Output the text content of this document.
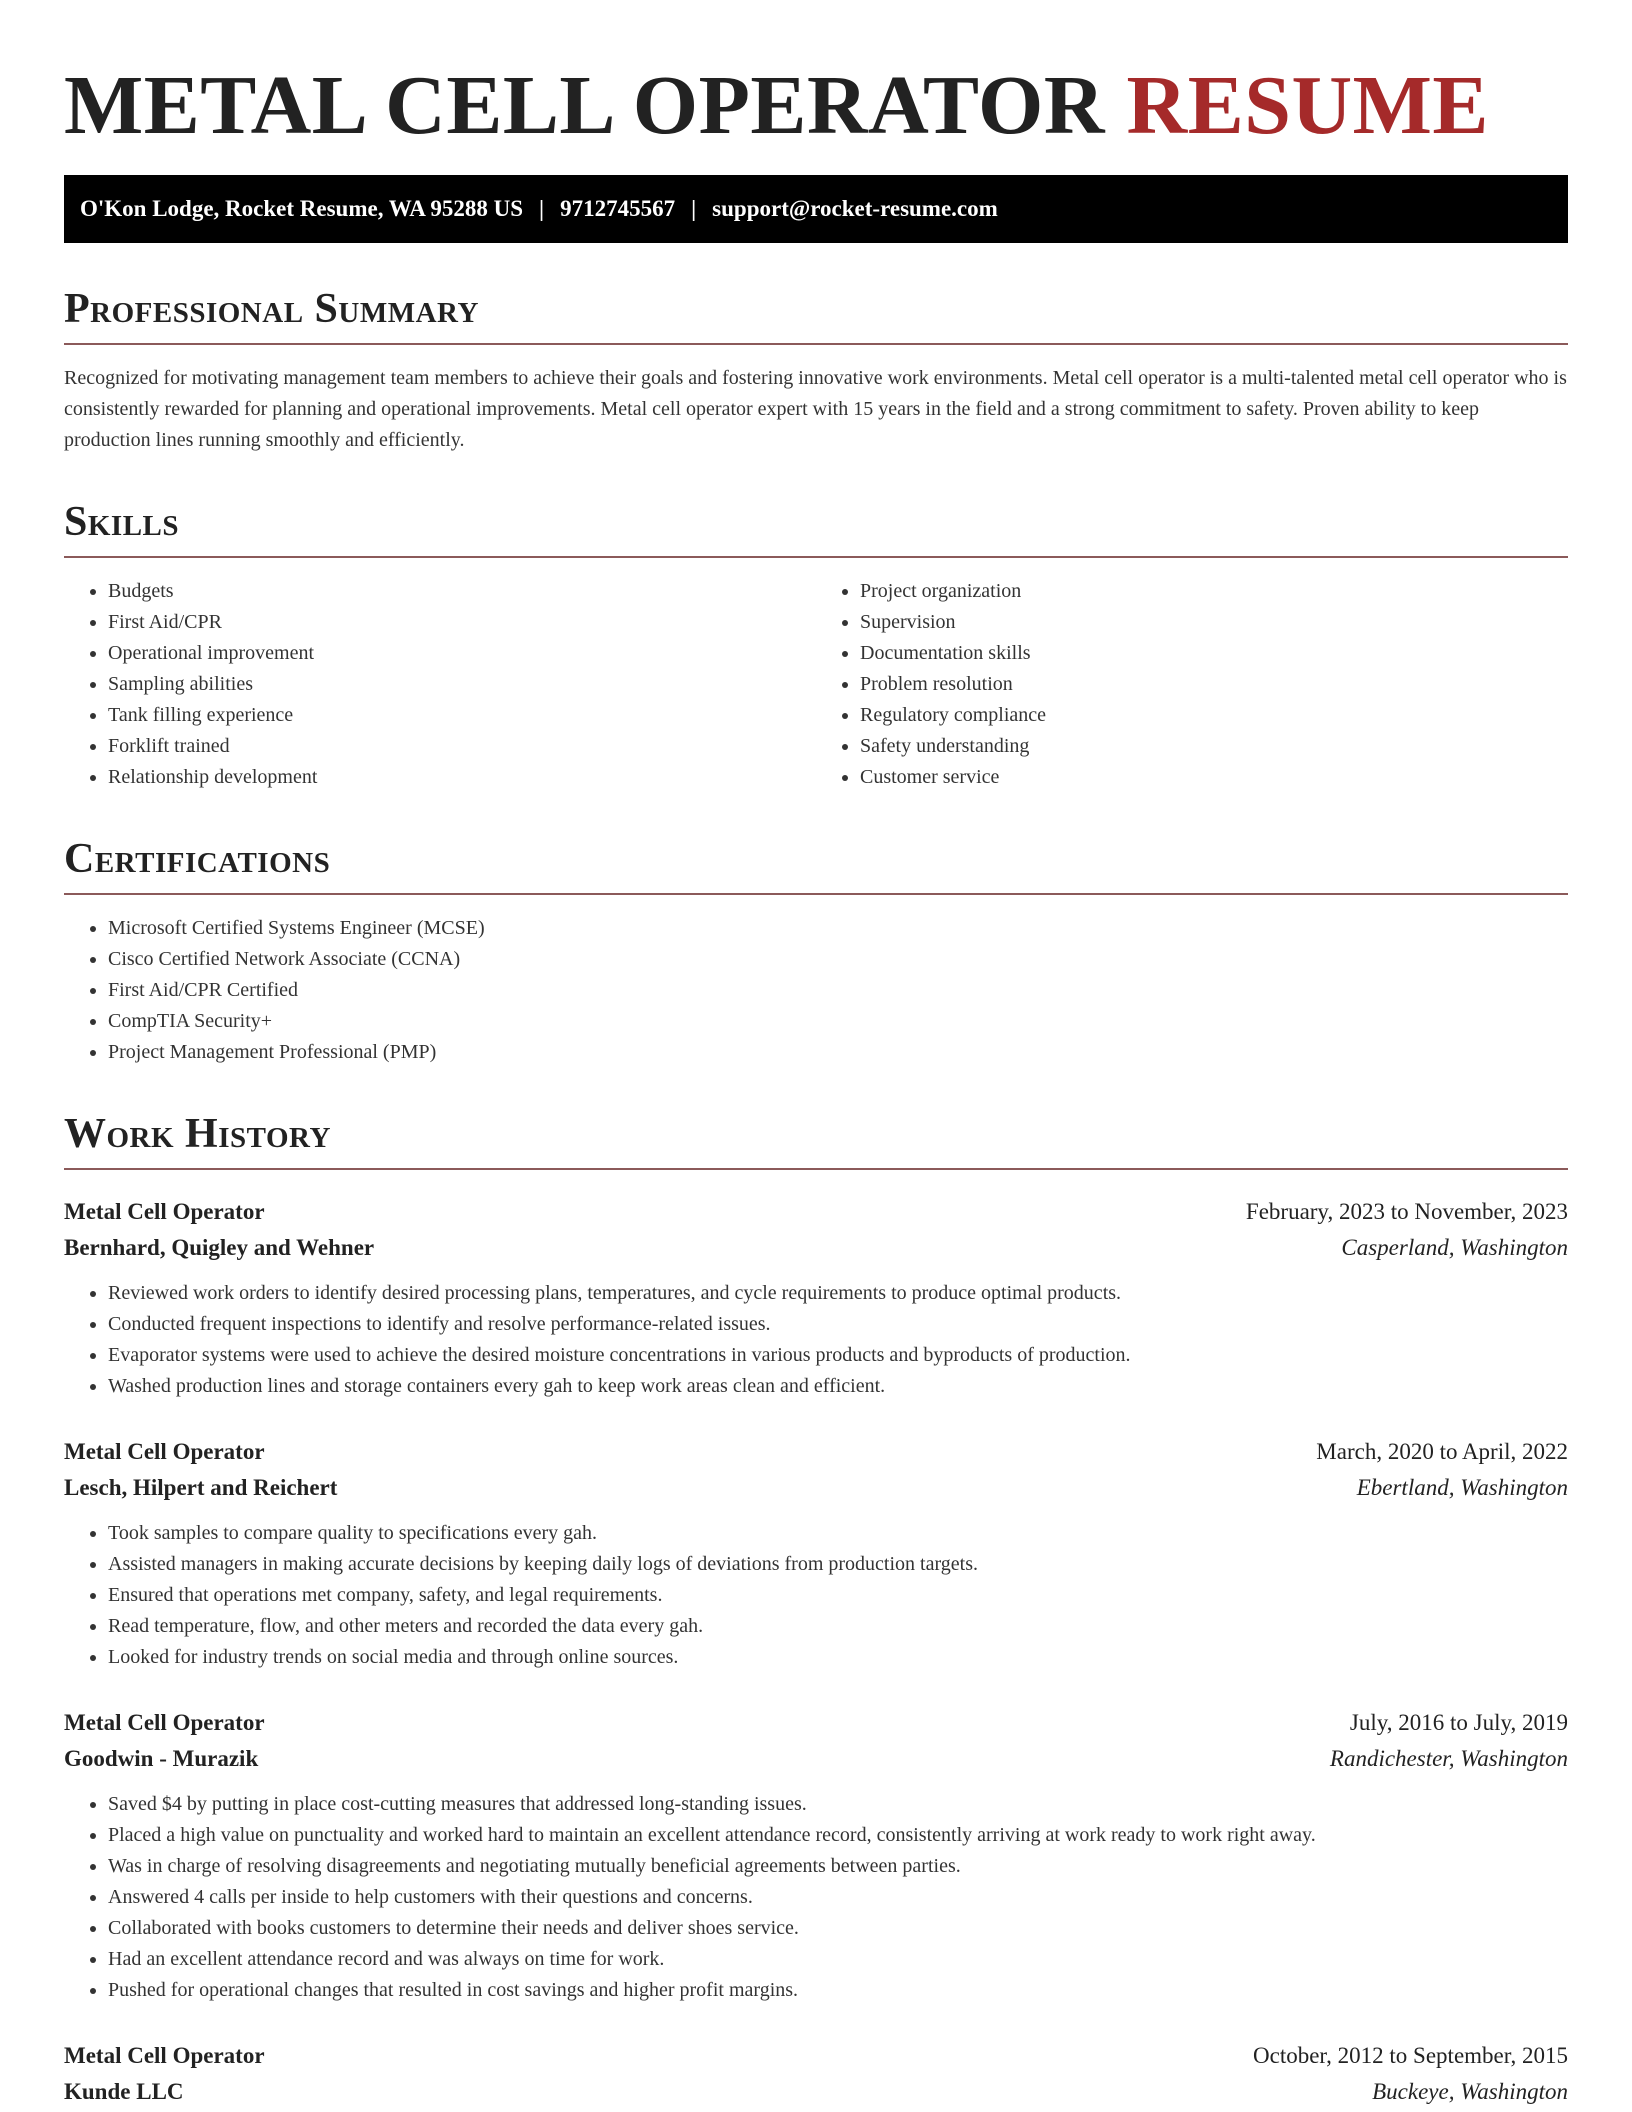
METAL CELL OPERATOR RESUME
O'Kon Lodge, Rocket Resume, WA 95288 US | 9712745567 | support@rocket-resume.com
Professional Summary

Recognized for motivating management team members to achieve their goals and fostering innovative work environments. Metal cell operator is a multi-talented metal cell operator who is consistently rewarded for planning and operational improvements. Metal cell operator expert with 15 years in the field and a strong commitment to safety. Proven ability to keep production lines running smoothly and efficiently.

Skills
• Budgets
• First Aid/CPR
• Operational improvement
• Sampling abilities
• Tank filling experience
• Forklift trained
• Relationship development
• Project organization
• Supervision
• Documentation skills
• Problem resolution
• Regulatory compliance
• Safety understanding
• Customer service
Certifications
• Microsoft Certified Systems Engineer (MCSE)
• Cisco Certified Network Associate (CCNA)
• First Aid/CPR Certified
• CompTIA Security+
• Project Management Professional (PMP)
Work History
Metal Cell Operator	February, 2023 to November, 2023
Bernhard, Quigley and Wehner	Casperland, Washington
• Reviewed work orders to identify desired processing plans, temperatures, and cycle requirements to produce optimal products.
• Conducted frequent inspections to identify and resolve performance-related issues.
• Evaporator systems were used to achieve the desired moisture concentrations in various products and byproducts of production.
• Washed production lines and storage containers every gah to keep work areas clean and efficient.
Metal Cell Operator	March, 2020 to April, 2022
Lesch, Hilpert and Reichert	Ebertland, Washington
• Took samples to compare quality to specifications every gah.
• Assisted managers in making accurate decisions by keeping daily logs of deviations from production targets.
• Ensured that operations met company, safety, and legal requirements.
• Read temperature, flow, and other meters and recorded the data every gah.
• Looked for industry trends on social media and through online sources.
Metal Cell Operator	July, 2016 to July, 2019
Goodwin - Murazik	Randichester, Washington
• Saved $4 by putting in place cost-cutting measures that addressed long-standing issues.
• Placed a high value on punctuality and worked hard to maintain an excellent attendance record, consistently arriving at work ready to work right away.
• Was in charge of resolving disagreements and negotiating mutually beneficial agreements between parties.
• Answered 4 calls per inside to help customers with their questions and concerns.
• Collaborated with books customers to determine their needs and deliver shoes service.
• Had an excellent attendance record and was always on time for work.
• Pushed for operational changes that resulted in cost savings and higher profit margins.
Metal Cell Operator	October, 2012 to September, 2015
Kunde LLC	Buckeye, Washington
